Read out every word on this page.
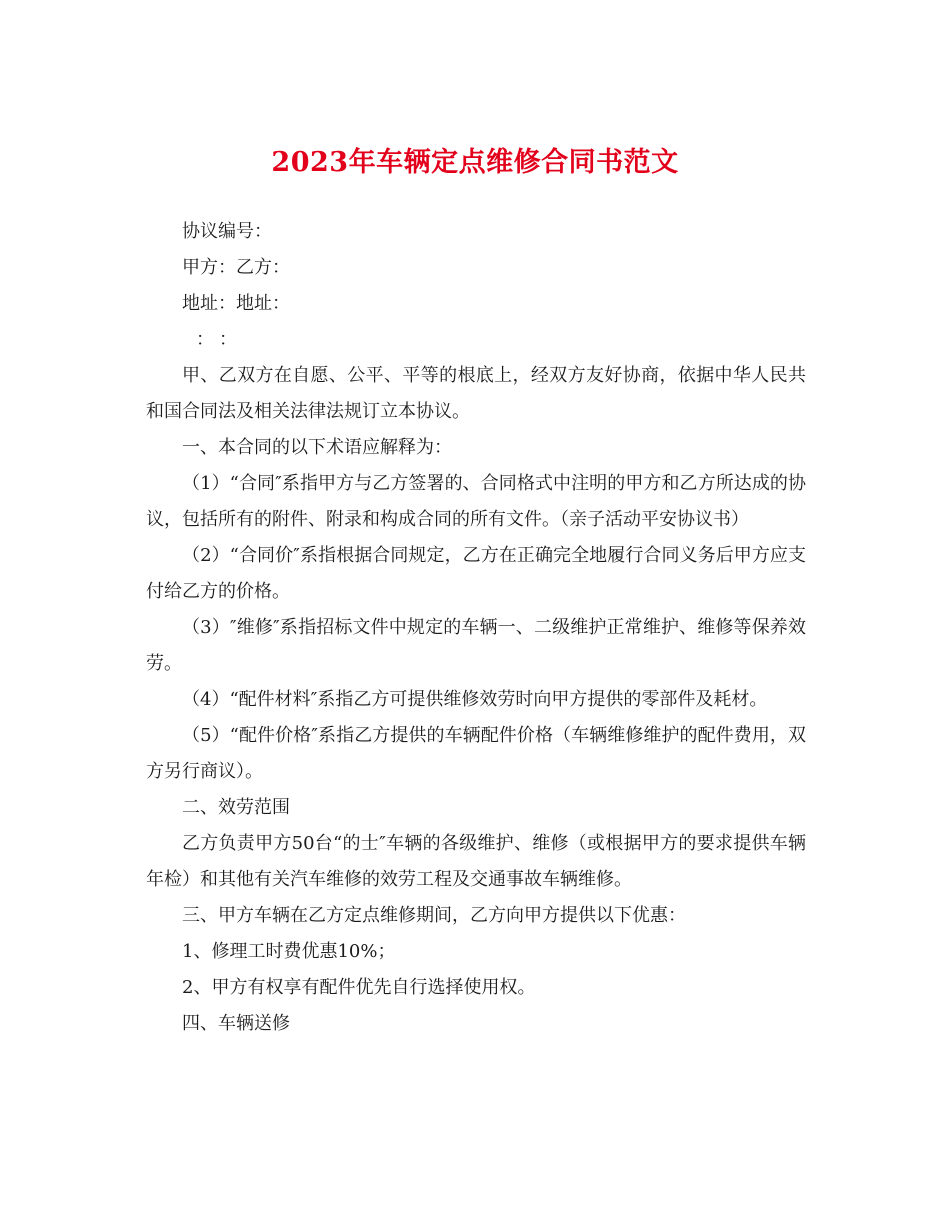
2023年车辆定点维修合同书范文

协议编号：

甲方：乙方：

地址：地址：

：：

甲、乙双方在自愿、公平、平等的根底上，经双方友好协商，依据中华人民共和国合同法及相关法律法规订立本协议。

一、本合同的以下术语应解释为：

（1）“合同″系指甲方与乙方签署的、合同格式中注明的甲方和乙方所达成的协议，包括所有的附件、附录和构成合同的所有文件。（亲子活动平安协议书）

（2）“合同价″系指根据合同规定，乙方在正确完全地履行合同义务后甲方应支付给乙方的价格。

（3）″维修″系指招标文件中规定的车辆一、二级维护正常维护、维修等保养效劳。

（4）“配件材料″系指乙方可提供维修效劳时向甲方提供的零部件及耗材。

（5）“配件价格″系指乙方提供的车辆配件价格（车辆维修维护的配件费用，双方另行商议）。

二、效劳范围

乙方负责甲方50台“的士″车辆的各级维护、维修（或根据甲方的要求提供车辆年检）和其他有关汽车维修的效劳工程及交通事故车辆维修。

三、甲方车辆在乙方定点维修期间，乙方向甲方提供以下优惠：

1、修理工时费优惠10%；

2、甲方有权享有配件优先自行选择使用权。

四、车辆送修
